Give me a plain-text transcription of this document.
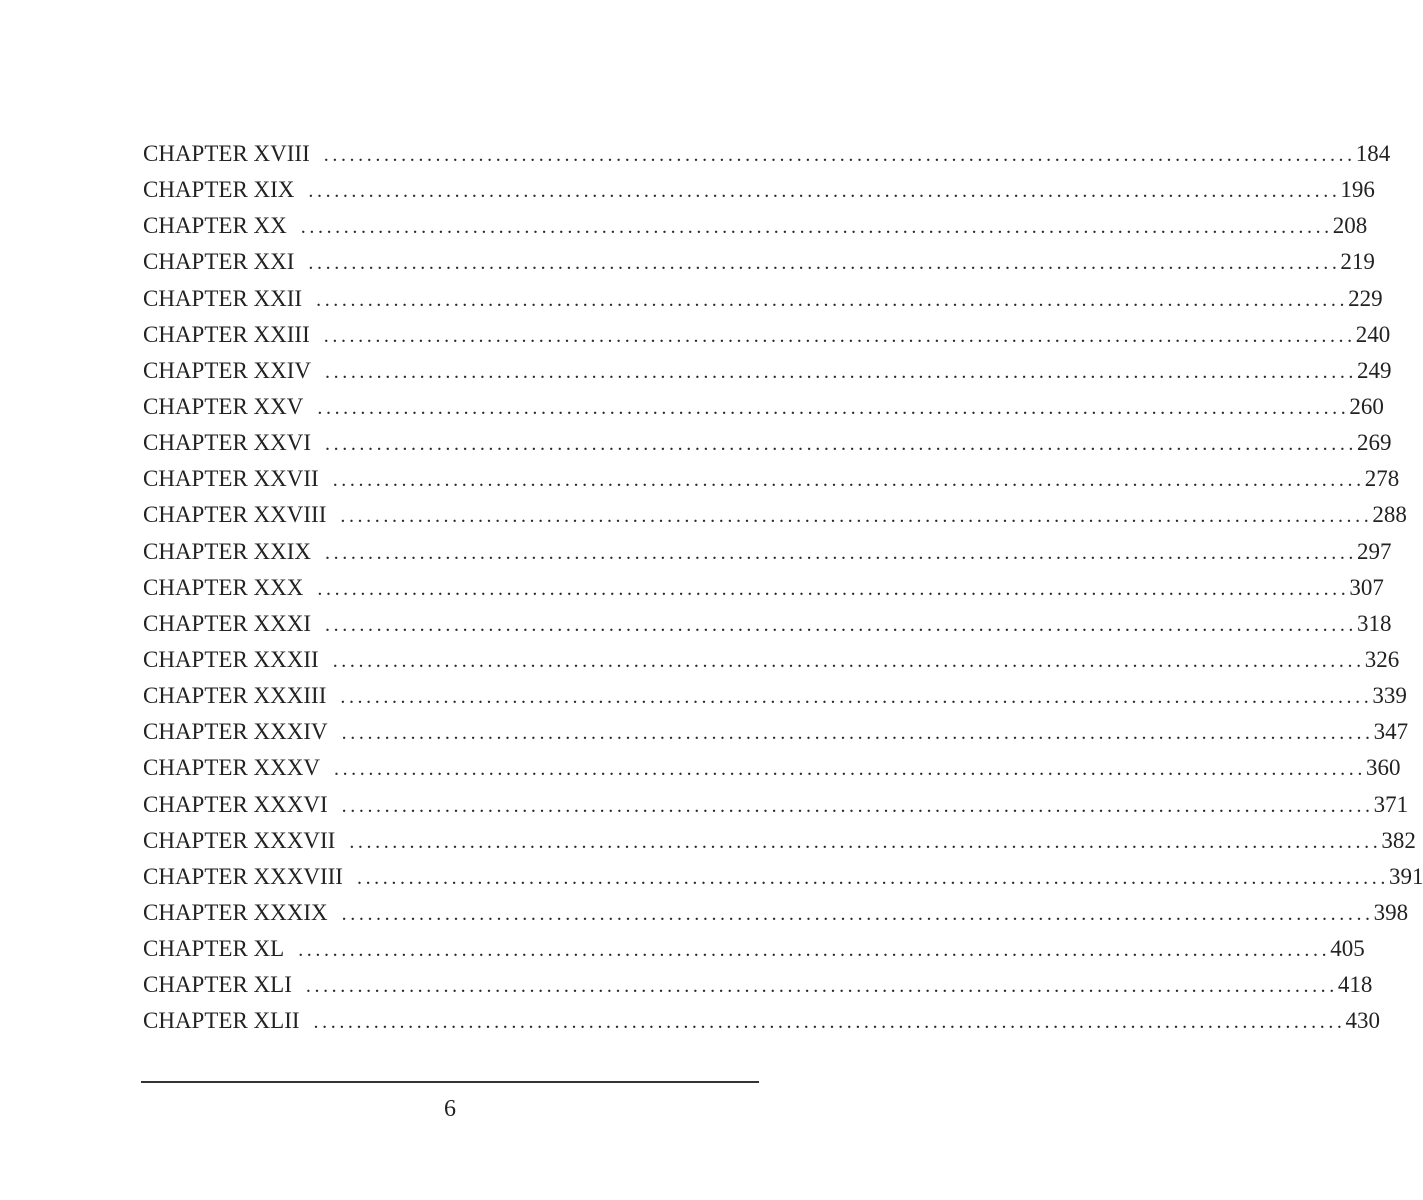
CHAPTER XVIII ........................................................................................................................ 184
CHAPTER XIX ........................................................................................................................ 196
CHAPTER XX ........................................................................................................................ 208
CHAPTER XXI ........................................................................................................................ 219
CHAPTER XXII ........................................................................................................................ 229
CHAPTER XXIII ........................................................................................................................ 240
CHAPTER XXIV ........................................................................................................................ 249
CHAPTER XXV ........................................................................................................................ 260
CHAPTER XXVI ........................................................................................................................ 269
CHAPTER XXVII ........................................................................................................................ 278
CHAPTER XXVIII ........................................................................................................................ 288
CHAPTER XXIX ........................................................................................................................ 297
CHAPTER XXX ........................................................................................................................ 307
CHAPTER XXXI ........................................................................................................................ 318
CHAPTER XXXII ........................................................................................................................ 326
CHAPTER XXXIII ........................................................................................................................ 339
CHAPTER XXXIV ........................................................................................................................ 347
CHAPTER XXXV ........................................................................................................................ 360
CHAPTER XXXVI ........................................................................................................................ 371
CHAPTER XXXVII ........................................................................................................................ 382
CHAPTER XXXVIII ........................................................................................................................ 391
CHAPTER XXXIX ........................................................................................................................ 398
CHAPTER XL ........................................................................................................................ 405
CHAPTER XLI ........................................................................................................................ 418
CHAPTER XLII ........................................................................................................................ 430
6
